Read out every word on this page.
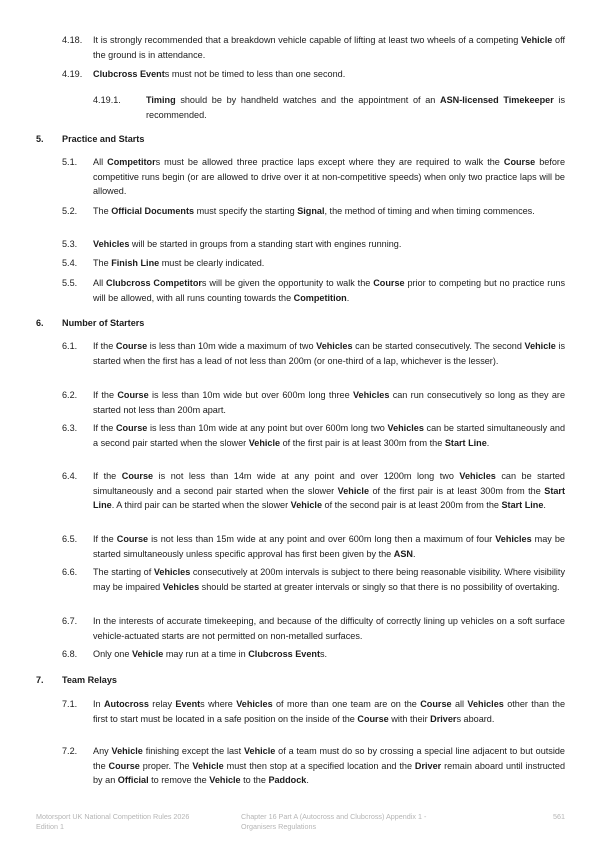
4.18. It is strongly recommended that a breakdown vehicle capable of lifting at least two wheels of a competing Vehicle off the ground is in attendance.
4.19. Clubcross Events must not be timed to less than one second.
4.19.1.	Timing should be by handheld watches and the appointment of an ASN-licensed Timekeeper is recommended.
5. Practice and Starts
5.1. All Competitors must be allowed three practice laps except where they are required to walk the Course before competitive runs begin (or are allowed to drive over it at non-competitive speeds) when only two practice laps will be allowed.
5.2. The Official Documents must specify the starting Signal, the method of timing and when timing commences.
5.3. Vehicles will be started in groups from a standing start with engines running.
5.4. The Finish Line must be clearly indicated.
5.5. All Clubcross Competitors will be given the opportunity to walk the Course prior to competing but no practice runs will be allowed, with all runs counting towards the Competition.
6. Number of Starters
6.1. If the Course is less than 10m wide a maximum of two Vehicles can be started consecutively. The second Vehicle is started when the first has a lead of not less than 200m (or one-third of a lap, whichever is the lesser).
6.2. If the Course is less than 10m wide but over 600m long three Vehicles can run consecutively so long as they are started not less than 200m apart.
6.3. If the Course is less than 10m wide at any point but over 600m long two Vehicles can be started simultaneously and a second pair started when the slower Vehicle of the first pair is at least 300m from the Start Line.
6.4. If the Course is not less than 14m wide at any point and over 1200m long two Vehicles can be started simultaneously and a second pair started when the slower Vehicle of the first pair is at least 300m from the Start Line. A third pair can be started when the slower Vehicle of the second pair is at least 200m from the Start Line.
6.5. If the Course is not less than 15m wide at any point and over 600m long then a maximum of four Vehicles may be started simultaneously unless specific approval has first been given by the ASN.
6.6. The starting of Vehicles consecutively at 200m intervals is subject to there being reasonable visibility. Where visibility may be impaired Vehicles should be started at greater intervals or singly so that there is no possibility of overtaking.
6.7. In the interests of accurate timekeeping, and because of the difficulty of correctly lining up vehicles on a soft surface vehicle-actuated starts are not permitted on non-metalled surfaces.
6.8. Only one Vehicle may run at a time in Clubcross Events.
7. Team Relays
7.1. In Autocross relay Events where Vehicles of more than one team are on the Course all Vehicles other than the first to start must be located in a safe position on the inside of the Course with their Drivers aboard.
7.2. Any Vehicle finishing except the last Vehicle of a team must do so by crossing a special line adjacent to but outside the Course proper. The Vehicle must then stop at a specified location and the Driver remain aboard until instructed by an Official to remove the Vehicle to the Paddock.
Motorsport UK National Competition Rules 2026
Edition 1
Chapter 16 Part A (Autocross and Clubcross) Appendix 1 -
Organisers Regulations
561
